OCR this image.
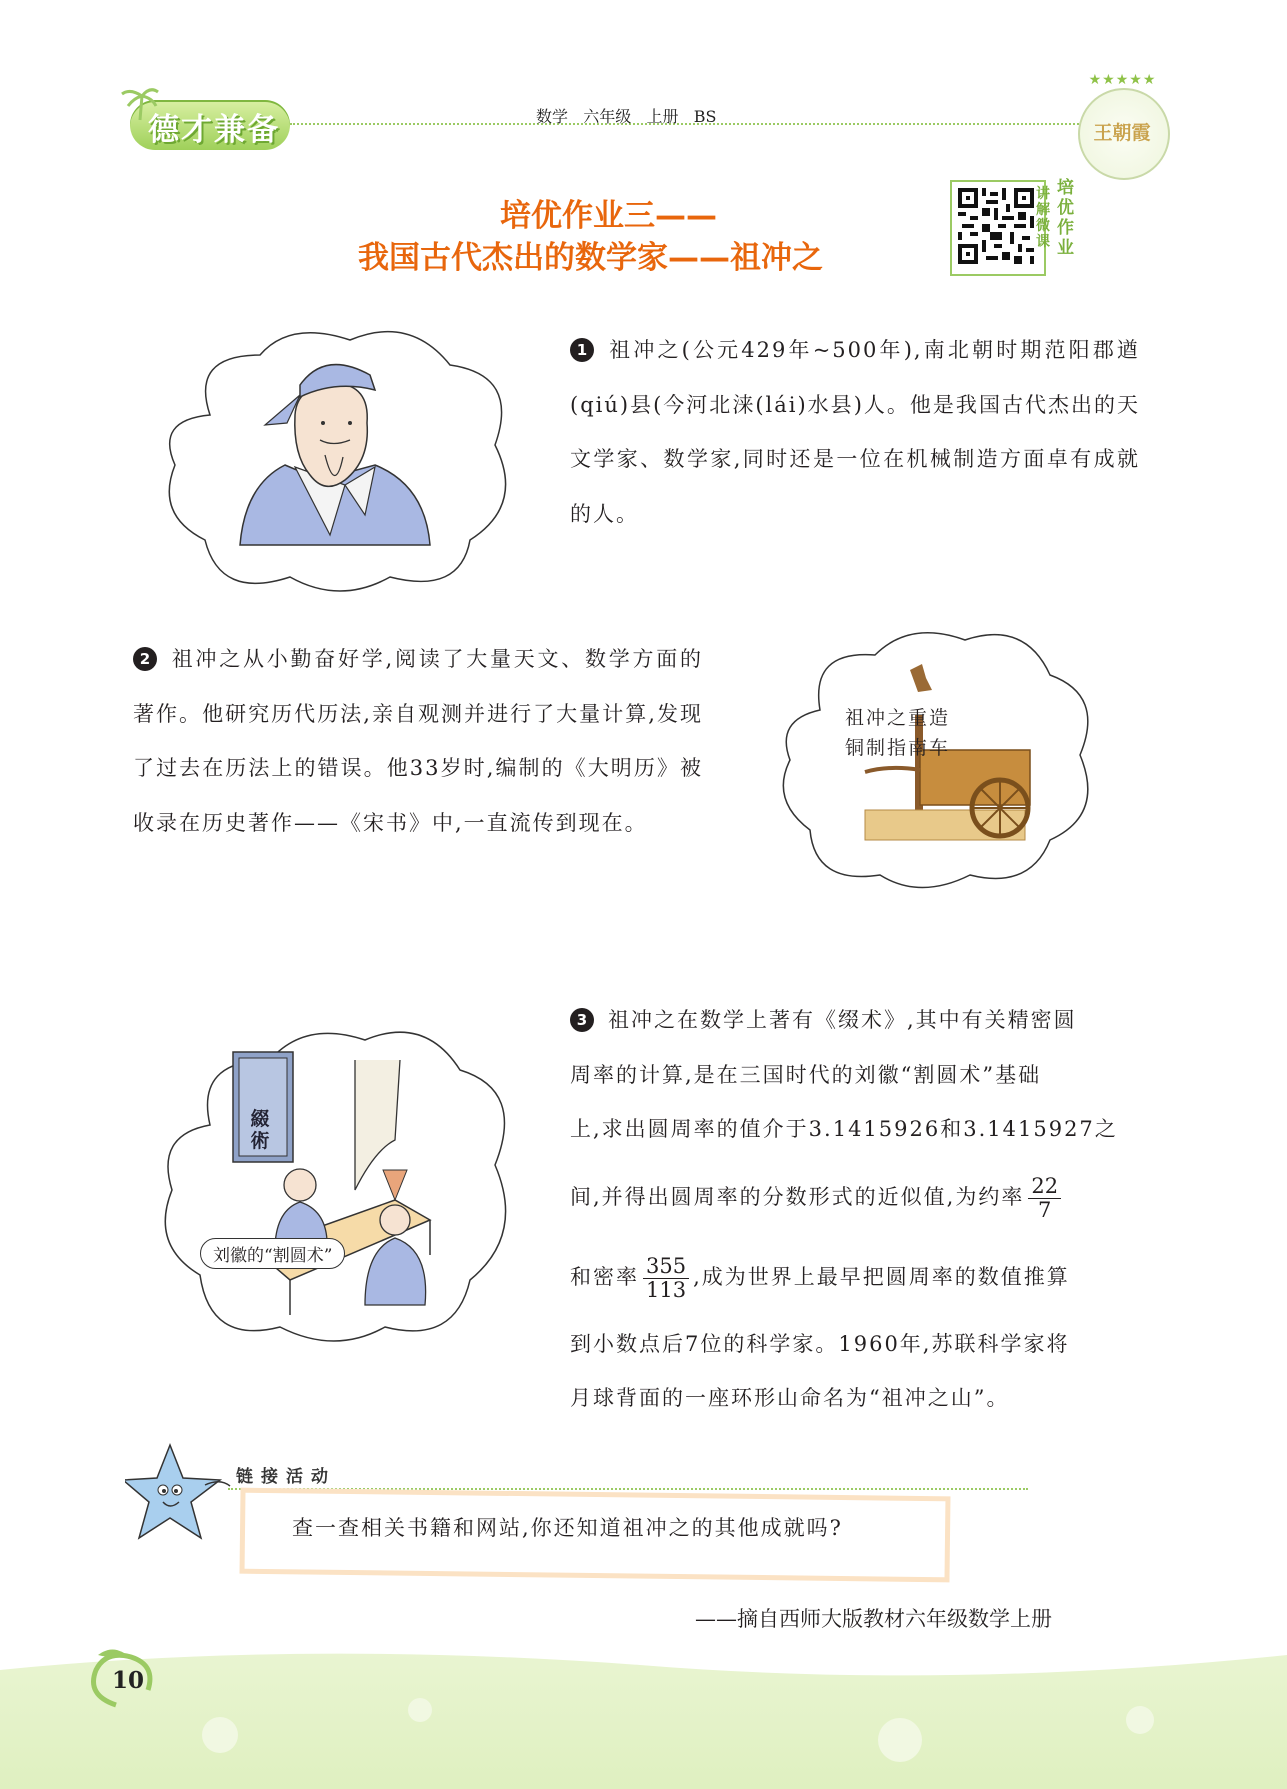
德才兼备	数学   六年级   上册   BS
★★★★★
王朝霞
培优作业三——
我国古代杰出的数学家——祖冲之
讲解微课
培优作业
1 祖冲之(公元429年~500年),南北朝时期范阳郡遒(qiú)县(今河北涞(lái)水县)人。他是我国古代杰出的天文学家、数学家,同时还是一位在机械制造方面卓有成就的人。
2 祖冲之从小勤奋好学,阅读了大量天文、数学方面的著作。他研究历代历法,亲自观测并进行了大量计算,发现了过去在历法上的错误。他33岁时,编制的《大明历》被收录在历史著作——《宋书》中,一直流传到现在。
祖冲之重造
铜制指南车
綴術
刘徽的“割圆术”
3 祖冲之在数学上著有《缀术》,其中有关精密圆
周率的计算,是在三国时代的刘徽“割圆术”基础
上,求出圆周率的值介于3.1415926和3.1415927之
间,并得出圆周率的分数形式的近似值,为约率 $\frac{22}{7}$
和密率 $\frac{355}{113}$ ,成为世界上最早把圆周率的数值推算
到小数点后7位的科学家。1960年,苏联科学家将
月球背面的一座环形山命名为“祖冲之山”。
链接活动
查一查相关书籍和网站,你还知道祖冲之的其他成就吗?
——摘自西师大版教材六年级数学上册
10
